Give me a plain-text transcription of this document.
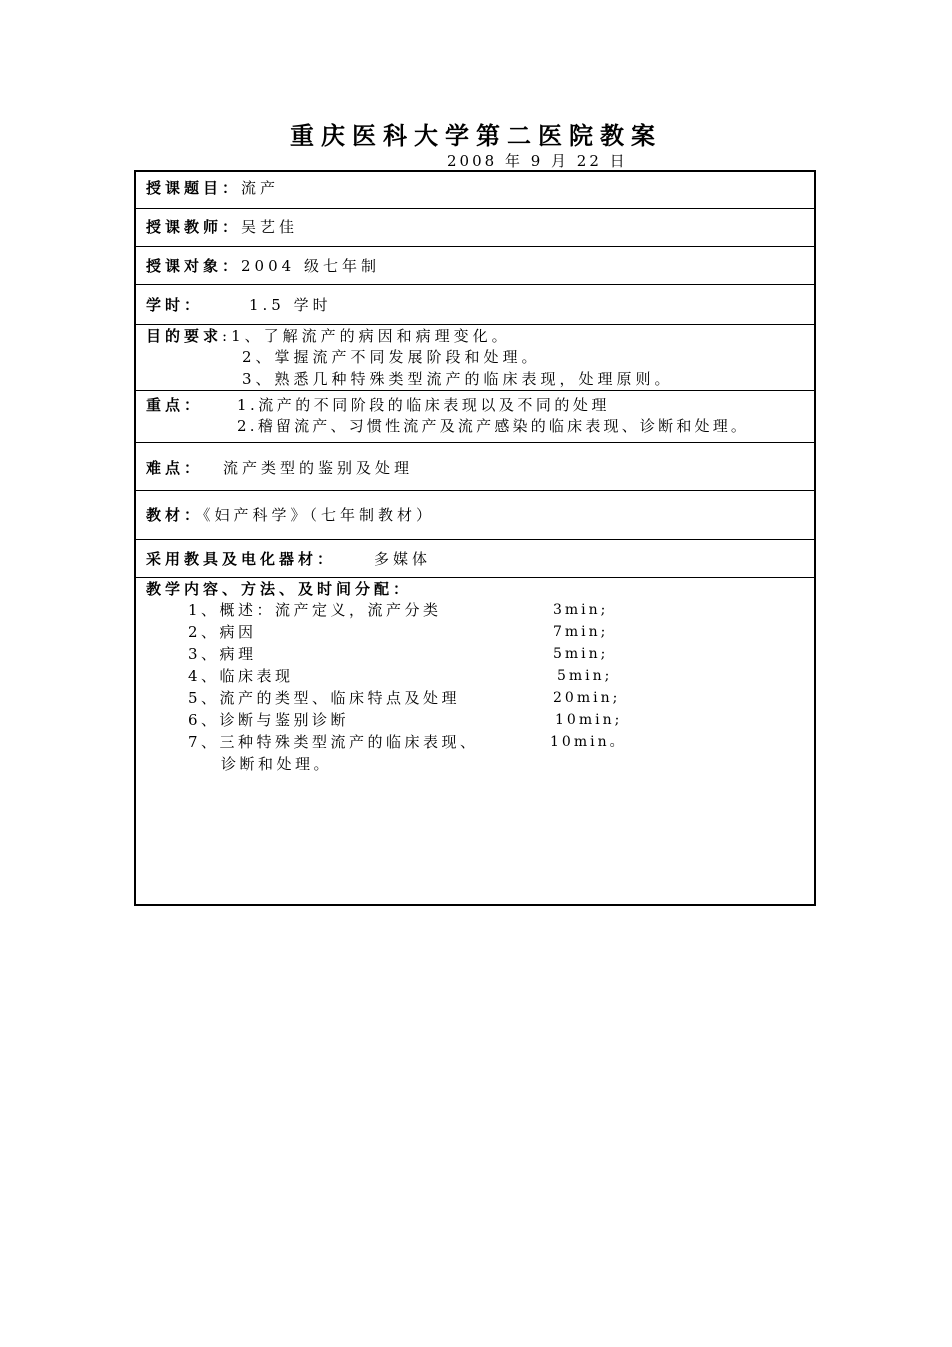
重庆医科大学第二医院教案
2008 年 9 月 22 日
授课题目：流产
授课教师：吴艺佳
授课对象：2004 级七年制
学时：	1.5 学时
目的要求:1、了解流产的病因和病理变化。
2、掌握流产不同发展阶段和处理。
3、熟悉几种特殊类型流产的临床表现，处理原则。
重点： 1.流产的不同阶段的临床表现以及不同的处理
2.稽留流产、习惯性流产及流产感染的临床表现、诊断和处理。
难点： 流产类型的鉴别及处理
教材：《妇产科学》（七年制教材）
采用教具及电化器材：	多媒体
教学内容、方法、及时间分配：
1、概述：流产定义，流产分类	3min;
2、病因	7min;
3、病理	5min;
4、临床表现	5min;
5、流产的类型、临床特点及处理	20min;
6、诊断与鉴别诊断	10min;
7、三种特殊类型流产的临床表现、	10min。
诊断和处理。
